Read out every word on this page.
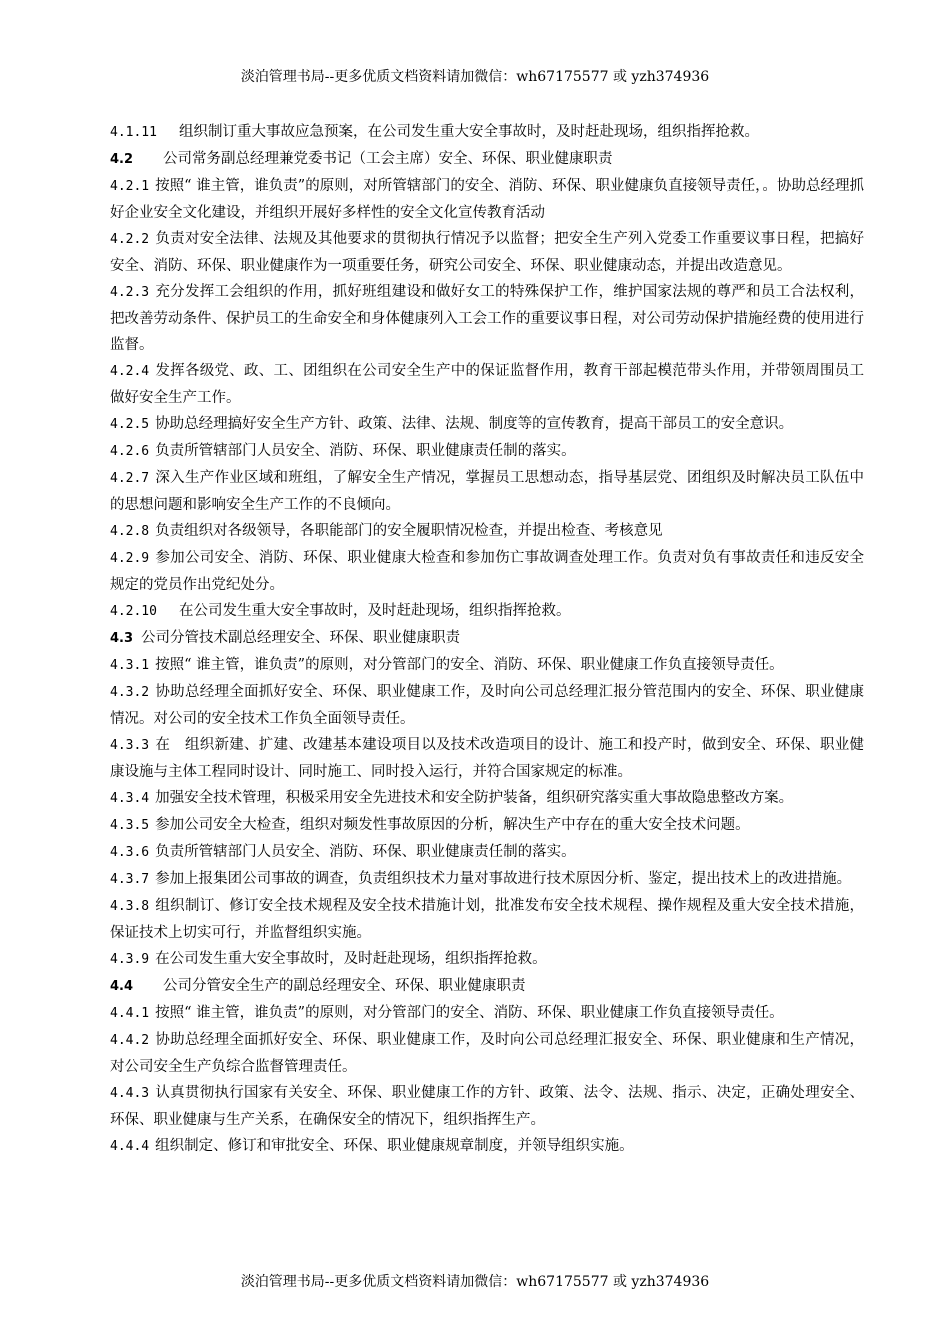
淡泊管理书局--更多优质文档资料请加微信：wh67175577 或 yzh374936

4.1.11 组织制订重大事故应急预案，在公司发生重大安全事故时，及时赶赴现场，组织指挥抢救。

4.2 公司常务副总经理兼党委书记（工会主席）安全、环保、职业健康职责

4.2.1 按照“ 谁主管，谁负责”的原则，对所管辖部门的安全、消防、环保、职业健康负直接领导责任，。协助总经理抓好企业安全文化建设，并组织开展好多样性的安全文化宣传教育活动

4.2.2 负责对安全法律、法规及其他要求的贯彻执行情况予以监督；把安全生产列入党委工作重要议事日程，把搞好安全、消防、环保、职业健康作为一项重要任务，研究公司安全、环保、职业健康动态，并提出改造意见。

4.2.3 充分发挥工会组织的作用，抓好班组建设和做好女工的特殊保护工作，维护国家法规的尊严和员工合法权利，把改善劳动条件、保护员工的生命安全和身体健康列入工会工作的重要议事日程，对公司劳动保护措施经费的使用进行监督。

4.2.4 发挥各级党、政、工、团组织在公司安全生产中的保证监督作用，教育干部起模范带头作用，并带领周围员工做好安全生产工作。

4.2.5 协助总经理搞好安全生产方针、政策、法律、法规、制度等的宣传教育，提高干部员工的安全意识。

4.2.6 负责所管辖部门人员安全、消防、环保、职业健康责任制的落实。

4.2.7 深入生产作业区域和班组，了解安全生产情况，掌握员工思想动态，指导基层党、团组织及时解决员工队伍中的思想问题和影响安全生产工作的不良倾向。

4.2.8 负责组织对各级领导，各职能部门的安全履职情况检查，并提出检查、考核意见

4.2.9 参加公司安全、消防、环保、职业健康大检查和参加伤亡事故调查处理工作。负责对负有事故责任和违反安全规定的党员作出党纪处分。

4.2.10 在公司发生重大安全事故时，及时赶赴现场，组织指挥抢救。

4.3 公司分管技术副总经理安全、环保、职业健康职责

4.3.1 按照“ 谁主管，谁负责”的原则，对分管部门的安全、消防、环保、职业健康工作负直接领导责任。

4.3.2 协助总经理全面抓好安全、环保、职业健康工作，及时向公司总经理汇报分管范围内的安全、环保、职业健康情况。对公司的安全技术工作负全面领导责任。

4.3.3 在　组织新建、扩建、改建基本建设项目以及技术改造项目的设计、施工和投产时，做到安全、环保、职业健康设施与主体工程同时设计、同时施工、同时投入运行，并符合国家规定的标准。

4.3.4 加强安全技术管理，积极采用安全先进技术和安全防护装备，组织研究落实重大事故隐患整改方案。

4.3.5 参加公司安全大检查，组织对频发性事故原因的分析，解决生产中存在的重大安全技术问题。

4.3.6 负责所管辖部门人员安全、消防、环保、职业健康责任制的落实。

4.3.7 参加上报集团公司事故的调查，负责组织技术力量对事故进行技术原因分析、鉴定，提出技术上的改进措施。

4.3.8 组织制订、修订安全技术规程及安全技术措施计划，批准发布安全技术规程、操作规程及重大安全技术措施，保证技术上切实可行，并监督组织实施。

4.3.9 在公司发生重大安全事故时，及时赶赴现场，组织指挥抢救。

4.4 公司分管安全生产的副总经理安全、环保、职业健康职责

4.4.1 按照“ 谁主管，谁负责”的原则，对分管部门的安全、消防、环保、职业健康工作负直接领导责任。

4.4.2 协助总经理全面抓好安全、环保、职业健康工作，及时向公司总经理汇报安全、环保、职业健康和生产情况，对公司安全生产负综合监督管理责任。

4.4.3 认真贯彻执行国家有关安全、环保、职业健康工作的方针、政策、法令、法规、指示、决定，正确处理安全、环保、职业健康与生产关系，在确保安全的情况下，组织指挥生产。

4.4.4 组织制定、修订和审批安全、环保、职业健康规章制度，并领导组织实施。

淡泊管理书局--更多优质文档资料请加微信：wh67175577 或 yzh374936
